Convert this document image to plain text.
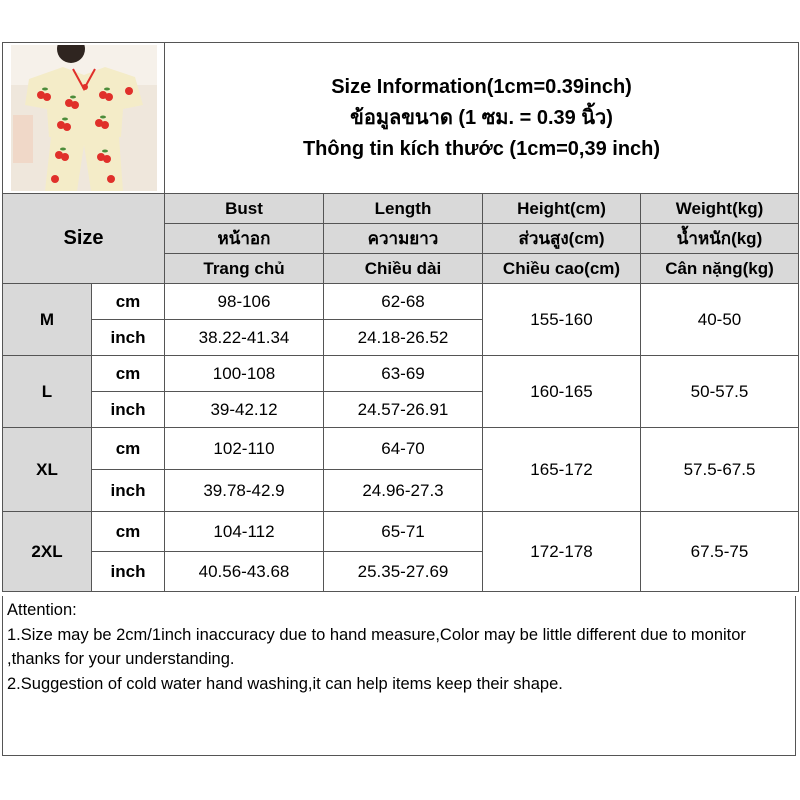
Size Information(1cm=0.39inch)
ข้อมูลขนาด (1 ซม. = 0.39 นิ้ว)
Thông tin kích thước (1cm=0,39 inch)			

Size		Bust	Length	Height(cm)	Weight(kg)
		หน้าอก	ความยาว	ส่วนสูง(cm)	น้ำหนัก(kg)
		Trang chủ	Chiều dài	Chiều cao(cm)	Cân nặng(kg)
M	cm	98-106	62-68	155-160	40-50
	inch	38.22-41.34	24.18-26.52		
L	cm	100-108	63-69	160-165	50-57.5
	inch	39-42.12	24.57-26.91		
XL	cm	102-110	64-70	165-172	57.5-67.5
	inch	39.78-42.9	24.96-27.3		
2XL	cm	104-112	65-71	172-178	67.5-75
	inch	40.56-43.68	25.35-27.69		
Attention:
1.Size may be 2cm/1inch inaccuracy due to hand measure,Color may be little different due to monitor ,thanks for your understanding.
2.Suggestion of cold water hand washing,it can help items keep their shape.
